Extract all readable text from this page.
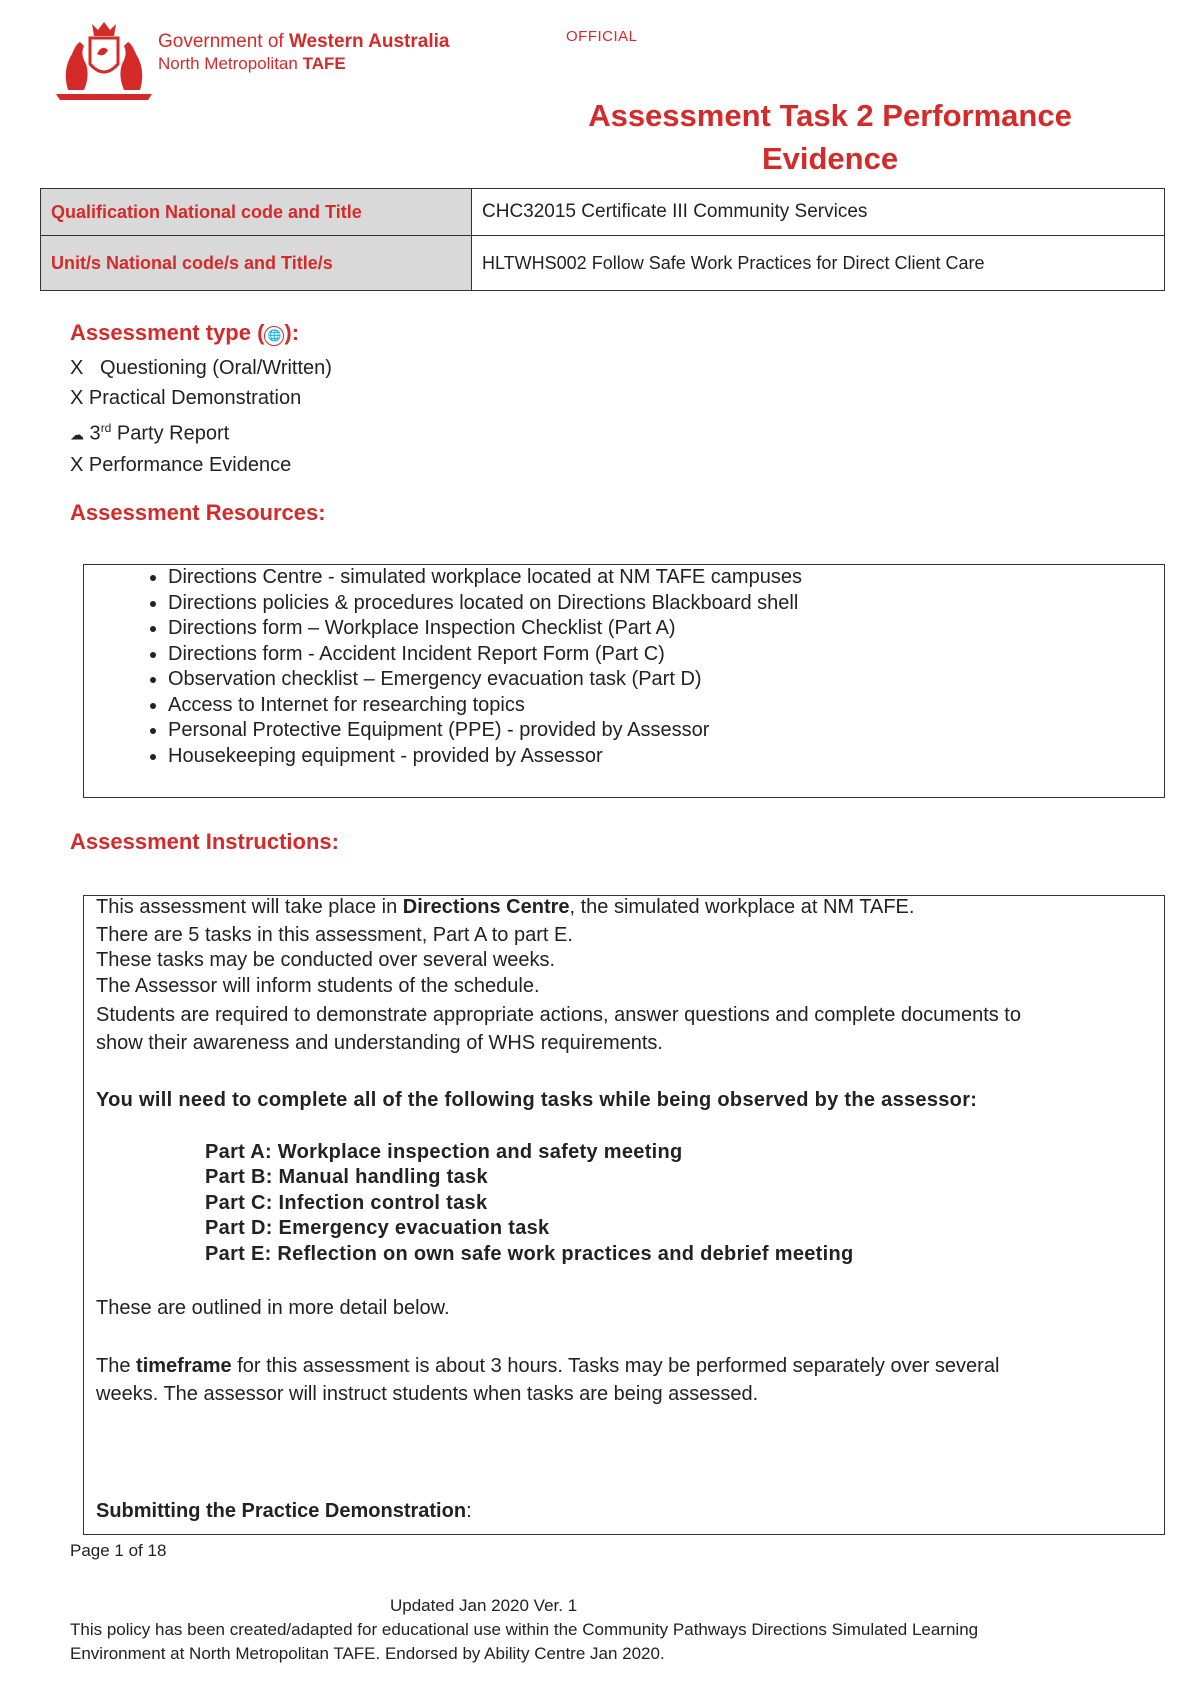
Government of Western Australia
North Metropolitan TAFE
OFFICIAL
Assessment Task 2 Performance Evidence
Qualification National code and Title	CHC32015 Certificate III Community Services
Unit/s National code/s and Title/s	HLTWHS002 Follow Safe Work Practices for Direct Client Care
Assessment type ( 🌐 ):
X   Questioning (Oral/Written)
X Practical Demonstration
☁ 3rd Party Report
X Performance Evidence
Assessment Resources:
• Directions Centre - simulated workplace located at NM TAFE campuses
• Directions policies & procedures located on Directions Blackboard shell
• Directions form – Workplace Inspection Checklist (Part A)
• Directions form - Accident Incident Report Form (Part C)
• Observation checklist – Emergency evacuation task (Part D)
• Access to Internet for researching topics
• Personal Protective Equipment (PPE) - provided by Assessor
• Housekeeping equipment - provided by Assessor
Assessment Instructions:
This assessment will take place in Directions Centre, the simulated workplace at NM TAFE.
There are 5 tasks in this assessment, Part A to part E.
These tasks may be conducted over several weeks.
The Assessor will inform students of the schedule.
Students are required to demonstrate appropriate actions, answer questions and complete documents to
show their awareness and understanding of WHS requirements.
You will need to complete all of the following tasks while being observed by the assessor:
Part A: Workplace inspection and safety meeting
Part B: Manual handling task
Part C: Infection control task
Part D: Emergency evacuation task
Part E: Reflection on own safe work practices and debrief meeting
These are outlined in more detail below.
The timeframe for this assessment is about 3 hours. Tasks may be performed separately over several
weeks. The assessor will instruct students when tasks are being assessed.
Submitting the Practice Demonstration:
Page 1 of 18
Updated Jan 2020 Ver. 1
This policy has been created/adapted for educational use within the Community Pathways Directions Simulated Learning
Environment at North Metropolitan TAFE. Endorsed by Ability Centre Jan 2020.
